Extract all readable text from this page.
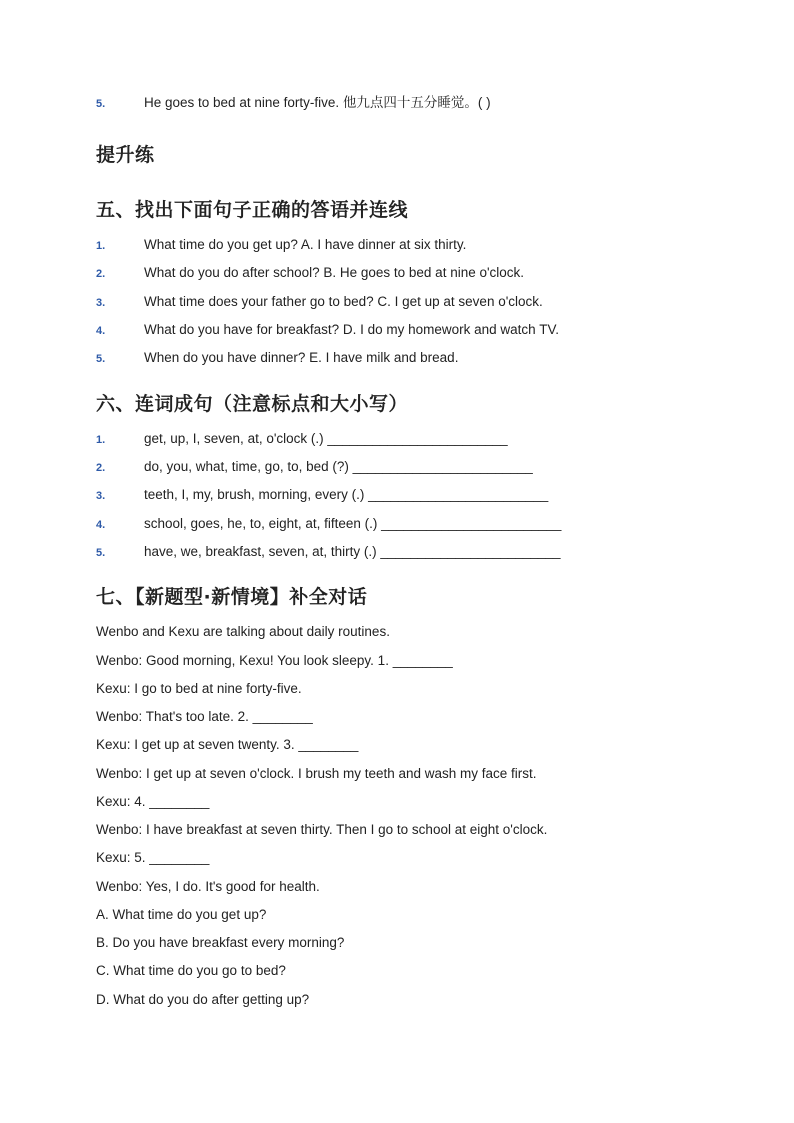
5.	He goes to bed at nine forty-five. 他九点四十五分睡觉。( )
提升练
五、找出下面句子正确的答语并连线
1.	What time do you get up? A. I have dinner at six thirty.
2.	What do you do after school? B. He goes to bed at nine o'clock.
3.	What time does your father go to bed? C. I get up at seven o'clock.
4.	What do you have for breakfast? D. I do my homework and watch TV.
5.	When do you have dinner? E. I have milk and bread.
六、连词成句（注意标点和大小写）
1.	get, up, I, seven, at, o'clock (.) ________________________
2.	do, you, what, time, go, to, bed (?) ________________________
3.	teeth, I, my, brush, morning, every (.) ________________________
4.	school, goes, he, to, eight, at, fifteen (.) ________________________
5.	have, we, breakfast, seven, at, thirty (.) ________________________
七、【新题型·新情境】补全对话
Wenbo and Kexu are talking about daily routines.
Wenbo: Good morning, Kexu! You look sleepy. 1. ________
Kexu: I go to bed at nine forty-five.
Wenbo: That's too late. 2. ________
Kexu: I get up at seven twenty. 3. ________
Wenbo: I get up at seven o'clock. I brush my teeth and wash my face first.
Kexu: 4. ________
Wenbo: I have breakfast at seven thirty. Then I go to school at eight o'clock.
Kexu: 5. ________
Wenbo: Yes, I do. It's good for health.
A. What time do you get up?
B. Do you have breakfast every morning?
C. What time do you go to bed?
D. What do you do after getting up?
